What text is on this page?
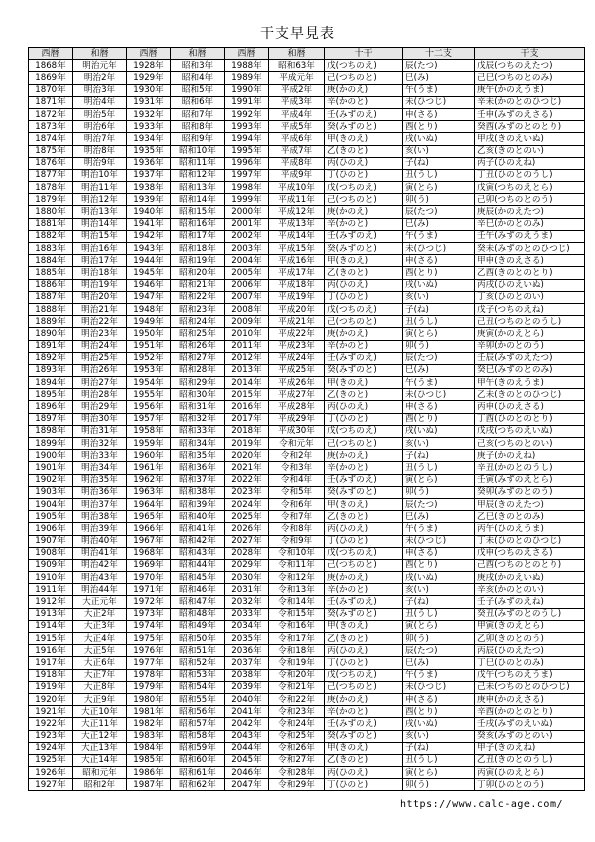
干支早見表
西暦	和暦	西暦	和暦	西暦	和暦	十干	十二支	干支
1868年	明治元年	1928年	昭和3年	1988年	昭和63年	戊(つちのえ)	辰(たつ)	戊辰(つちのえたつ)
1869年	明治2年	1929年	昭和4年	1989年	平成元年	己(つちのと)	巳(み)	己巳(つちのとのみ)
1870年	明治3年	1930年	昭和5年	1990年	平成2年	庚(かのえ)	午(うま)	庚午(かのえうま)
1871年	明治4年	1931年	昭和6年	1991年	平成3年	辛(かのと)	未(ひつじ)	辛未(かのとのひつじ)
1872年	明治5年	1932年	昭和7年	1992年	平成4年	壬(みずのえ)	申(さる)	壬申(みずのえさる)
1873年	明治6年	1933年	昭和8年	1993年	平成5年	癸(みずのと)	酉(とり)	癸酉(みずのとのとり)
1874年	明治7年	1934年	昭和9年	1994年	平成6年	甲(きのえ)	戌(いぬ)	甲戌(きのえいぬ)
1875年	明治8年	1935年	昭和10年	1995年	平成7年	乙(きのと)	亥(い)	乙亥(きのとのい)
1876年	明治9年	1936年	昭和11年	1996年	平成8年	丙(ひのえ)	子(ね)	丙子(ひのえね)
1877年	明治10年	1937年	昭和12年	1997年	平成9年	丁(ひのと)	丑(うし)	丁丑(ひのとのうし)
1878年	明治11年	1938年	昭和13年	1998年	平成10年	戊(つちのえ)	寅(とら)	戊寅(つちのえとら)
1879年	明治12年	1939年	昭和14年	1999年	平成11年	己(つちのと)	卯(う)	己卯(つちのとのう)
1880年	明治13年	1940年	昭和15年	2000年	平成12年	庚(かのえ)	辰(たつ)	庚辰(かのえたつ)
1881年	明治14年	1941年	昭和16年	2001年	平成13年	辛(かのと)	巳(み)	辛巳(かのとのみ)
1882年	明治15年	1942年	昭和17年	2002年	平成14年	壬(みずのえ)	午(うま)	壬午(みずのえうま)
1883年	明治16年	1943年	昭和18年	2003年	平成15年	癸(みずのと)	未(ひつじ)	癸未(みずのとのひつじ)
1884年	明治17年	1944年	昭和19年	2004年	平成16年	甲(きのえ)	申(さる)	甲申(きのえさる)
1885年	明治18年	1945年	昭和20年	2005年	平成17年	乙(きのと)	酉(とり)	乙酉(きのとのとり)
1886年	明治19年	1946年	昭和21年	2006年	平成18年	丙(ひのえ)	戌(いぬ)	丙戌(ひのえいぬ)
1887年	明治20年	1947年	昭和22年	2007年	平成19年	丁(ひのと)	亥(い)	丁亥(ひのとのい)
1888年	明治21年	1948年	昭和23年	2008年	平成20年	戊(つちのえ)	子(ね)	戊子(つちのえね)
1889年	明治22年	1949年	昭和24年	2009年	平成21年	己(つちのと)	丑(うし)	己丑(つちのとのうし)
1890年	明治23年	1950年	昭和25年	2010年	平成22年	庚(かのえ)	寅(とら)	庚寅(かのえとら)
1891年	明治24年	1951年	昭和26年	2011年	平成23年	辛(かのと)	卯(う)	辛卯(かのとのう)
1892年	明治25年	1952年	昭和27年	2012年	平成24年	壬(みずのえ)	辰(たつ)	壬辰(みずのえたつ)
1893年	明治26年	1953年	昭和28年	2013年	平成25年	癸(みずのと)	巳(み)	癸巳(みずのとのみ)
1894年	明治27年	1954年	昭和29年	2014年	平成26年	甲(きのえ)	午(うま)	甲午(きのえうま)
1895年	明治28年	1955年	昭和30年	2015年	平成27年	乙(きのと)	未(ひつじ)	乙未(きのとのひつじ)
1896年	明治29年	1956年	昭和31年	2016年	平成28年	丙(ひのえ)	申(さる)	丙申(ひのえさる)
1897年	明治30年	1957年	昭和32年	2017年	平成29年	丁(ひのと)	酉(とり)	丁酉(ひのとのとり)
1898年	明治31年	1958年	昭和33年	2018年	平成30年	戊(つちのえ)	戌(いぬ)	戊戌(つちのえいぬ)
1899年	明治32年	1959年	昭和34年	2019年	令和元年	己(つちのと)	亥(い)	己亥(つちのとのい)
1900年	明治33年	1960年	昭和35年	2020年	令和2年	庚(かのえ)	子(ね)	庚子(かのえね)
1901年	明治34年	1961年	昭和36年	2021年	令和3年	辛(かのと)	丑(うし)	辛丑(かのとのうし)
1902年	明治35年	1962年	昭和37年	2022年	令和4年	壬(みずのえ)	寅(とら)	壬寅(みずのえとら)
1903年	明治36年	1963年	昭和38年	2023年	令和5年	癸(みずのと)	卯(う)	癸卯(みずのとのう)
1904年	明治37年	1964年	昭和39年	2024年	令和6年	甲(きのえ)	辰(たつ)	甲辰(きのえたつ)
1905年	明治38年	1965年	昭和40年	2025年	令和7年	乙(きのと)	巳(み)	乙巳(きのとのみ)
1906年	明治39年	1966年	昭和41年	2026年	令和8年	丙(ひのえ)	午(うま)	丙午(ひのえうま)
1907年	明治40年	1967年	昭和42年	2027年	令和9年	丁(ひのと)	未(ひつじ)	丁未(ひのとのひつじ)
1908年	明治41年	1968年	昭和43年	2028年	令和10年	戊(つちのえ)	申(さる)	戊申(つちのえさる)
1909年	明治42年	1969年	昭和44年	2029年	令和11年	己(つちのと)	酉(とり)	己酉(つちのとのとり)
1910年	明治43年	1970年	昭和45年	2030年	令和12年	庚(かのえ)	戌(いぬ)	庚戌(かのえいぬ)
1911年	明治44年	1971年	昭和46年	2031年	令和13年	辛(かのと)	亥(い)	辛亥(かのとのい)
1912年	大正元年	1972年	昭和47年	2032年	令和14年	壬(みずのえ)	子(ね)	壬子(みずのえね)
1913年	大正2年	1973年	昭和48年	2033年	令和15年	癸(みずのと)	丑(うし)	癸丑(みずのとのうし)
1914年	大正3年	1974年	昭和49年	2034年	令和16年	甲(きのえ)	寅(とら)	甲寅(きのえとら)
1915年	大正4年	1975年	昭和50年	2035年	令和17年	乙(きのと)	卯(う)	乙卯(きのとのう)
1916年	大正5年	1976年	昭和51年	2036年	令和18年	丙(ひのえ)	辰(たつ)	丙辰(ひのえたつ)
1917年	大正6年	1977年	昭和52年	2037年	令和19年	丁(ひのと)	巳(み)	丁巳(ひのとのみ)
1918年	大正7年	1978年	昭和53年	2038年	令和20年	戊(つちのえ)	午(うま)	戊午(つちのえうま)
1919年	大正8年	1979年	昭和54年	2039年	令和21年	己(つちのと)	未(ひつじ)	己未(つちのとのひつじ)
1920年	大正9年	1980年	昭和55年	2040年	令和22年	庚(かのえ)	申(さる)	庚申(かのえさる)
1921年	大正10年	1981年	昭和56年	2041年	令和23年	辛(かのと)	酉(とり)	辛酉(かのとのとり)
1922年	大正11年	1982年	昭和57年	2042年	令和24年	壬(みずのえ)	戌(いぬ)	壬戌(みずのえいぬ)
1923年	大正12年	1983年	昭和58年	2043年	令和25年	癸(みずのと)	亥(い)	癸亥(みずのとのい)
1924年	大正13年	1984年	昭和59年	2044年	令和26年	甲(きのえ)	子(ね)	甲子(きのえね)
1925年	大正14年	1985年	昭和60年	2045年	令和27年	乙(きのと)	丑(うし)	乙丑(きのとのうし)
1926年	昭和元年	1986年	昭和61年	2046年	令和28年	丙(ひのえ)	寅(とら)	丙寅(ひのえとら)
1927年	昭和2年	1987年	昭和62年	2047年	令和29年	丁(ひのと)	卯(う)	丁卯(ひのとのう)
https://www.calc-age.com/
